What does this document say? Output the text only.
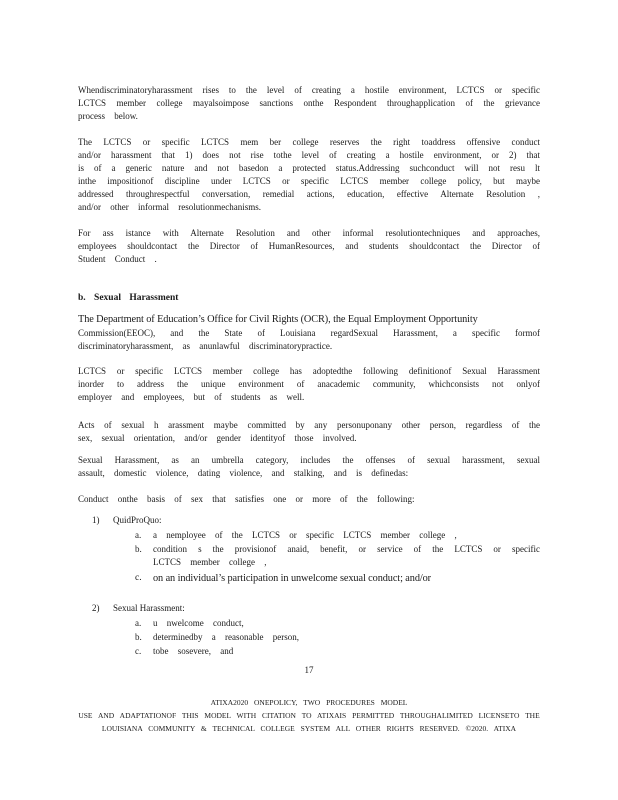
Whendiscriminatoryharassment rises to the level of creating a hostile environment, LCTCS or specific LCTCS member college mayalsoimpose sanctions onthe Respondent throughapplication of the grievance process below.

The LCTCS or specific LCTCS mem ber college reserves the right toaddress offensive conduct and/or harassment that 1) does not rise tothe level of creating a hostile environment, or 2) that is of a generic nature and not basedon a protected status.Addressing suchconduct will not resu lt inthe impositionof discipline under LCTCS or specific LCTCS member college policy, but maybe addressed throughrespectful conversation, remedial actions, education, effective Alternate Resolution , and/or other informal resolutionmechanisms.

For ass istance with Alternate Resolution and other informal resolutiontechniques and approaches, employees shouldcontact the Director of HumanResources, and students shouldcontact the Director of Student Conduct .

b. Sexual Harassment

The Department of Education’s Office for Civil Rights (OCR), the Equal Employment Opportunity

Commission(EEOC), and the State of Louisiana regardSexual Harassment, a specific formof discriminatoryharassment, as anunlawful discriminatorypractice.

LCTCS or specific LCTCS member college has adoptedthe following definitionof Sexual Harassment inorder to address the unique environment of anacademic community, whichconsists not onlyof employer and employees, but of students as well.

Acts of sexual h arassment maybe committed by any personuponany other person, regardless of the sex, sexual orientation, and/or gender identityof those involved.

Sexual Harassment, as an umbrella category, includes the offenses of sexual harassment, sexual assault, domestic violence, dating violence, and stalking, and is definedas:

Conduct onthe basis of sex that satisfies one or more of the following:

1)	QuidProQuo:
a.	a nemployee of the LCTCS or specific LCTCS member college ,
b.	condition s the provisionof anaid, benefit, or service of the LCTCS or specific LCTCS member college ,
c.	on an individual’s participation in unwelcome sexual conduct; and/or
2)	Sexual Harassment:
a.	u nwelcome conduct,
b.	determinedby a reasonable person,
c.	tobe sosevere, and
17
ATIXA2020 ONEPOLICY, TWO PROCEDURES MODEL
USE AND ADAPTATIONOF THIS MODEL WITH CITATION TO ATIXAIS PERMITTED THROUGHALIMITED LICENSETO THE
LOUISIANA COMMUNITY & TECHNICAL COLLEGE SYSTEM ALL OTHER RIGHTS RESERVED. ©2020. ATIXA
